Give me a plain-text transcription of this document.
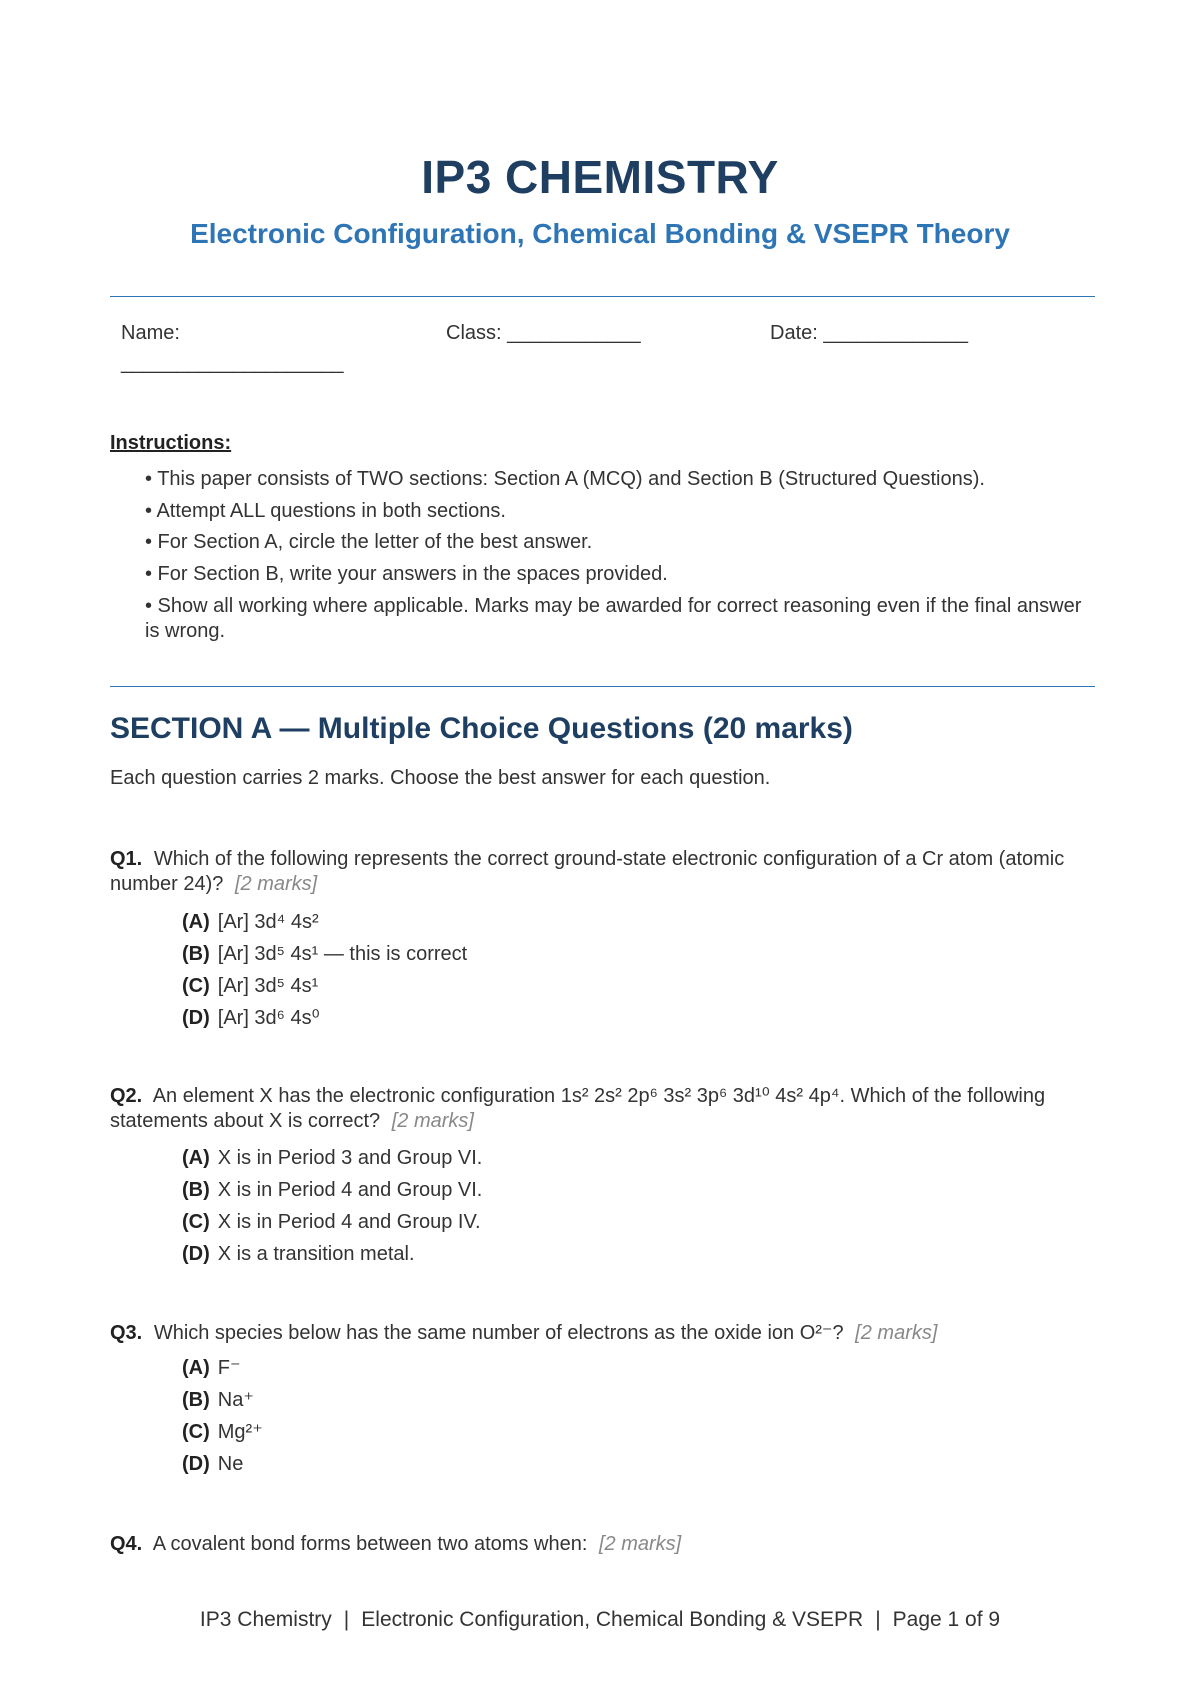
IP3 CHEMISTRY
Electronic Configuration, Chemical Bonding & VSEPR Theory
Name:	Class: ____________	Date: _____________
____________________
Instructions:
• This paper consists of TWO sections: Section A (MCQ) and Section B (Structured Questions).
• Attempt ALL questions in both sections.
• For Section A, circle the letter of the best answer.
• For Section B, write your answers in the spaces provided.
• Show all working where applicable. Marks may be awarded for correct reasoning even if the final answer is wrong.
SECTION A — Multiple Choice Questions (20 marks)
Each question carries 2 marks. Choose the best answer for each question.
Q1. Which of the following represents the correct ground-state electronic configuration of a Cr atom (atomic number 24)? [2 marks]
(A) [Ar] 3d⁴ 4s²
(B) [Ar] 3d⁵ 4s¹ — this is correct
(C) [Ar] 3d⁵ 4s¹
(D) [Ar] 3d⁶ 4s⁰
Q2. An element X has the electronic configuration 1s² 2s² 2p⁶ 3s² 3p⁶ 3d¹⁰ 4s² 4p⁴. Which of the following statements about X is correct? [2 marks]
(A) X is in Period 3 and Group VI.
(B) X is in Period 4 and Group VI.
(C) X is in Period 4 and Group IV.
(D) X is a transition metal.
Q3. Which species below has the same number of electrons as the oxide ion O²⁻? [2 marks]
(A) F⁻
(B) Na⁺
(C) Mg²⁺
(D) Ne
Q4. A covalent bond forms between two atoms when: [2 marks]
IP3 Chemistry | Electronic Configuration, Chemical Bonding & VSEPR | Page 1 of 9
